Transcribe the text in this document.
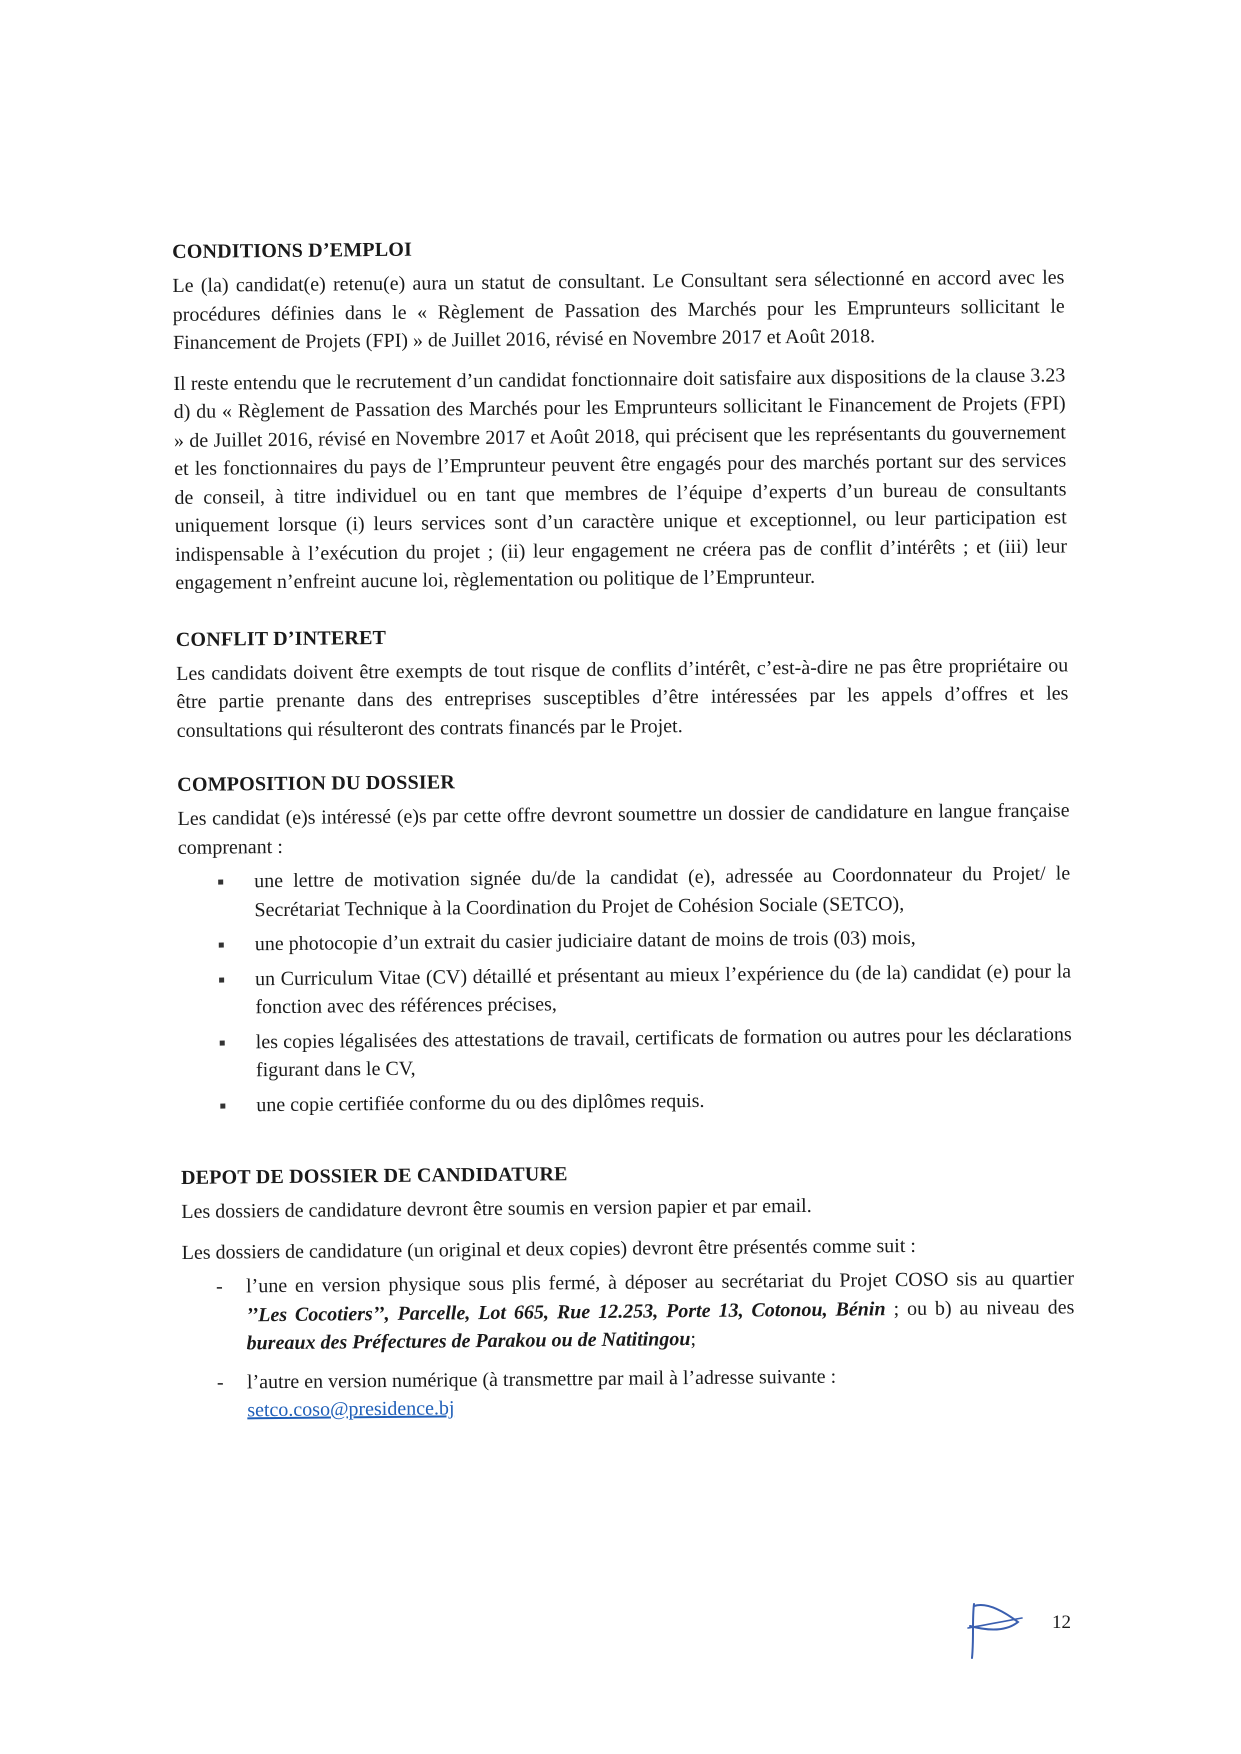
CONDITIONS D’EMPLOI

Le (la) candidat(e) retenu(e) aura un statut de consultant. Le Consultant sera sélectionné en accord avec les procédures définies dans le « Règlement de Passation des Marchés pour les Emprunteurs sollicitant le Financement de Projets (FPI) » de Juillet 2016, révisé en Novembre 2017 et Août 2018.

Il reste entendu que le recrutement d’un candidat fonctionnaire doit satisfaire aux dispositions de la clause 3.23 d) du « Règlement de Passation des Marchés pour les Emprunteurs sollicitant le Financement de Projets (FPI) » de Juillet 2016, révisé en Novembre 2017 et Août 2018, qui précisent que les représentants du gouvernement et les fonctionnaires du pays de l’Emprunteur peuvent être engagés pour des marchés portant sur des services de conseil, à titre individuel ou en tant que membres de l’équipe d’experts d’un bureau de consultants uniquement lorsque (i) leurs services sont d’un caractère unique et exceptionnel, ou leur participation est indispensable à l’exécution du projet ; (ii) leur engagement ne créera pas de conflit d’intérêts ; et (iii) leur engagement n’enfreint aucune loi, règlementation ou politique de l’Emprunteur.

CONFLIT D’INTERET

Les candidats doivent être exempts de tout risque de conflits d’intérêt, c’est-à-dire ne pas être propriétaire ou être partie prenante dans des entreprises susceptibles d’être intéressées par les appels d’offres et les consultations qui résulteront des contrats financés par le Projet.

COMPOSITION DU DOSSIER

Les candidat (e)s intéressé (e)s par cette offre devront soumettre un dossier de candidature en langue française comprenant :

une lettre de motivation signée du/de la candidat (e), adressée au Coordonnateur du Projet/ le Secrétariat Technique à la Coordination du Projet de Cohésion Sociale (SETCO),
une photocopie d’un extrait du casier judiciaire datant de moins de trois (03) mois,
un Curriculum Vitae (CV) détaillé et présentant au mieux l’expérience du (de la) candidat (e) pour la fonction avec des références précises,
les copies légalisées des attestations de travail, certificats de formation ou autres pour les déclarations figurant dans le CV,
une copie certifiée conforme du ou des diplômes requis.
DEPOT DE DOSSIER DE CANDIDATURE

Les dossiers de candidature devront être soumis en version papier et par email.

Les dossiers de candidature (un original et deux copies) devront être présentés comme suit :

- l’une en version physique sous plis fermé, à déposer au secrétariat du Projet COSO sis au quartier ’’Les Cocotiers’’, Parcelle, Lot 665, Rue 12.253, Porte 13, Cotonou, Bénin ; ou b) au niveau des bureaux des Préfectures de Parakou ou de Natitingou;
- l’autre en version numérique (à transmettre par mail à l’adresse suivante :
setco.coso@presidence.bj
12
